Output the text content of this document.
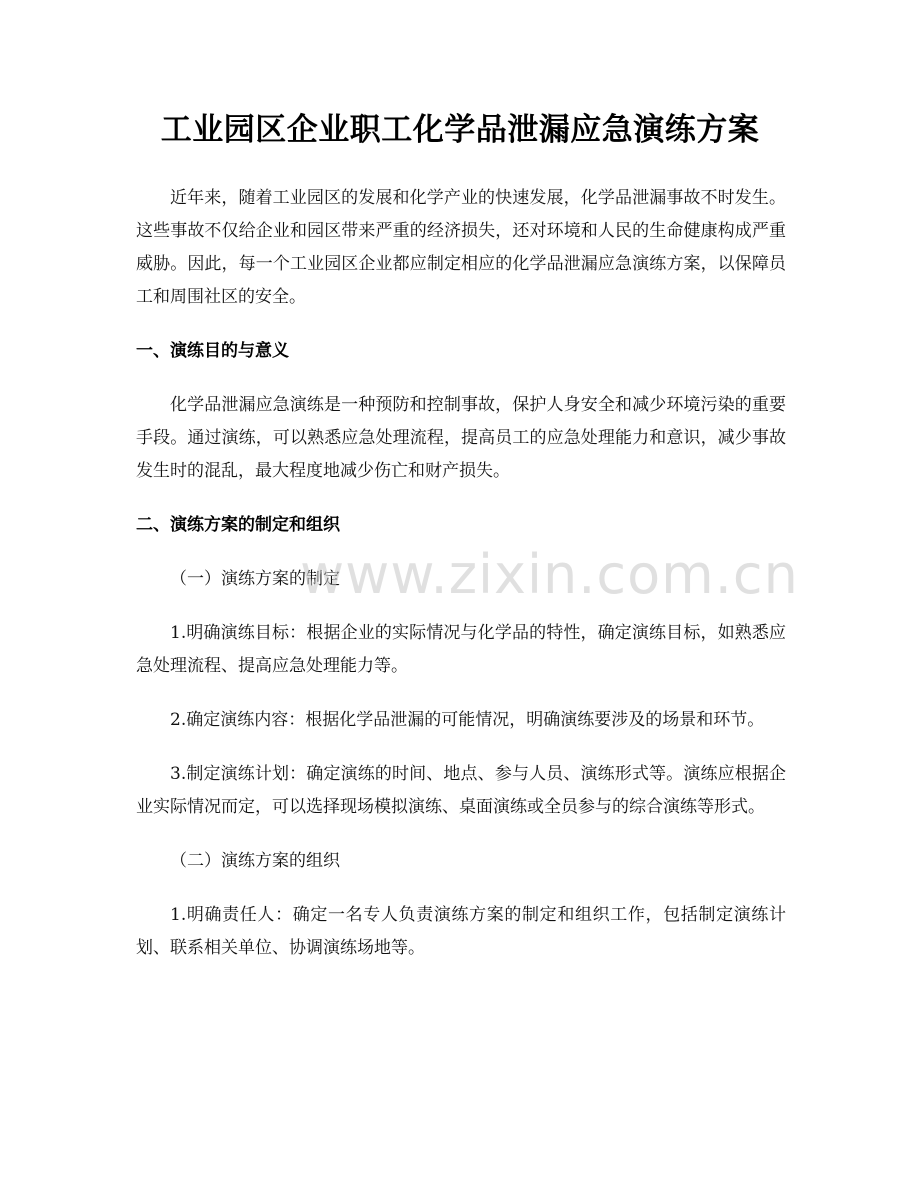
工业园区企业职工化学品泄漏应急演练方案

近年来，随着工业园区的发展和化学产业的快速发展，化学品泄漏事故不时发生。这些事故不仅给企业和园区带来严重的经济损失，还对环境和人民的生命健康构成严重威胁。因此，每一个工业园区企业都应制定相应的化学品泄漏应急演练方案，以保障员工和周围社区的安全。

一、演练目的与意义

化学品泄漏应急演练是一种预防和控制事故，保护人身安全和减少环境污染的重要手段。通过演练，可以熟悉应急处理流程，提高员工的应急处理能力和意识，减少事故发生时的混乱，最大程度地减少伤亡和财产损失。

二、演练方案的制定和组织
（一）演练方案的制定

1.明确演练目标：根据企业的实际情况与化学品的特性，确定演练目标，如熟悉应急处理流程、提高应急处理能力等。

2.确定演练内容：根据化学品泄漏的可能情况，明确演练要涉及的场景和环节。

3.制定演练计划：确定演练的时间、地点、参与人员、演练形式等。演练应根据企业实际情况而定，可以选择现场模拟演练、桌面演练或全员参与的综合演练等形式。

（二）演练方案的组织

1.明确责任人：确定一名专人负责演练方案的制定和组织工作，包括制定演练计划、联系相关单位、协调演练场地等。

www.zixin.com.cn
